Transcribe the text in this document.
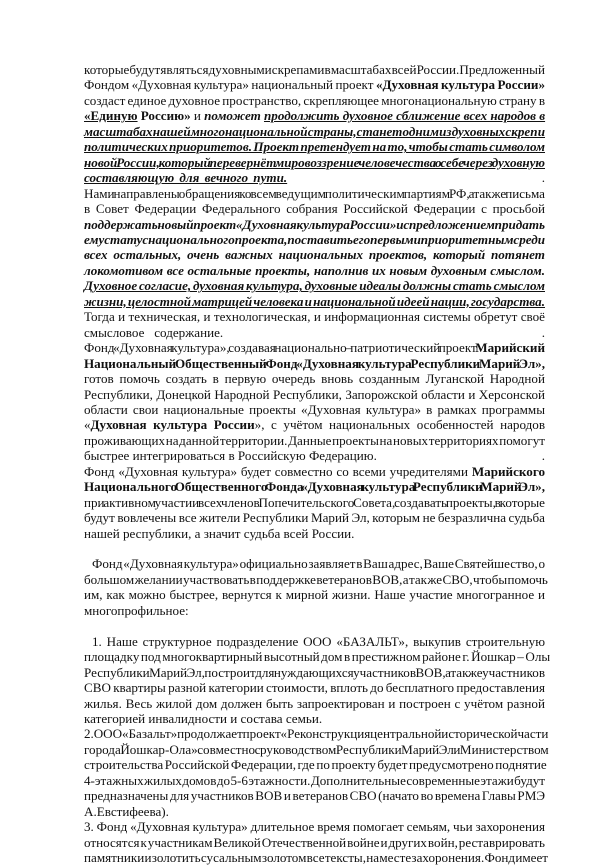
которые будут являться духовными скрепами в масштабах всей России. Предложенный
Фондом «Духовная культура» национальный проект «Духовная культура России»
создаст единое духовное пространство, скрепляющее многонациональную страну в
«Единую Россию» и поможет продолжить духовное сближение всех народов в
масштабах нашей многонациональной страны, станет одним из духовных скреп и
политических приоритетов. Проект претендует на то, чтобы стать символом
новой России, который перевернёт мировоззрение человечества о себе через духовную
составляющую для вечного пути.	.

Нами направлены обращения ко всем ведущим политическим партиям РФ, а также письма
в Совет Федерации Федерального собрания Российской Федерации с просьбой
поддержать новый проект «Духовная культура России» и с предложением придать
ему статус национального проекта, поставить его первым и приоритетным среди
всех остальных, очень важных национальных проектов, который потянет
локомотивом все остальные проекты, наполнив их новым духовным смыслом.
Духовное согласие, духовная культура, духовные идеалы должны стать смыслом
жизни, целостной матрицей человека и национальной идеей нации, государства.
Тогда и техническая, и технологическая, и информационная системы обретут своё
смысловое   содержание.	.

Фонд «Духовная культура», создавая национально – патриотический проект Марийский
Национальный Общественный Фонд «Духовная культура Республики Марий Эл»,
готов помочь создать в первую очередь вновь созданным Луганской Народной
Республики, Донецкой Народной Республики, Запорожской области и Херсонской
области свои национальные проекты «Духовная культура» в рамках программы
«Духовная культура России», с учётом национальных особенностей народов
проживающих на данной территории. Данные проекты на новых территориях помогут
быстрее интегрироваться в Российскую Федерацию.	.

Фонд «Духовная культура» будет совместно со всеми учредителями Марийского
Национального Общественного Фонда «Духовная культура Республики Марий Эл»,
при активном участии всех членов Попечительского Совета, создавать проекты, в которые
будут вовлечены все жители Республики Марий Эл, которым не безразлична судьба
нашей республики, а значит судьба всей России.

Фонд «Духовная культура» официально заявляет в Ваш адрес, Ваше Святейшество, о
большом желании участвовать в поддержке ветеранов ВОВ, а так же СВО, чтобы помочь
им, как можно быстрее, вернутся к мирной жизни. Наше участие многогранное и
многопрофильное:

1. Наше структурное подразделение ООО «БАЗАЛЬТ», выкупив строительную
площадку под многоквартирный высотный дом в престижном районе г. Йошкар – Олы
Республики Марий Эл, построит для нуждающихся участников ВОВ, а так же участников
СВО квартиры разной категории стоимости, вплоть до бесплатного предоставления
жилья. Весь жилой дом должен быть запроектирован и построен с учётом разной
категорией инвалидности и состава семьи.

2. ООО «Базальт» продолжает проект «Реконструкция центральной исторической части
города Йошкар-Ола» совместно с руководством Республики Марий Эл и Министерством
строительства Российской Федерации, где по проекту будет предусмотрено поднятие
4-этажных жилых домов до 5-6 этажности. Дополнительные современные этажи будут
предназначены для участников ВОВ и ветеранов СВО (начато во времена Главы РМЭ
А.Евстифеева).

3. Фонд «Духовная культура» длительное время помогает семьям, чьи захоронения
относятся к участникам Великой Отечественной войне и других войн, реставрировать
памятники и золотить сусальным золотом все тексты, на месте захоронения. Фонд имеет
